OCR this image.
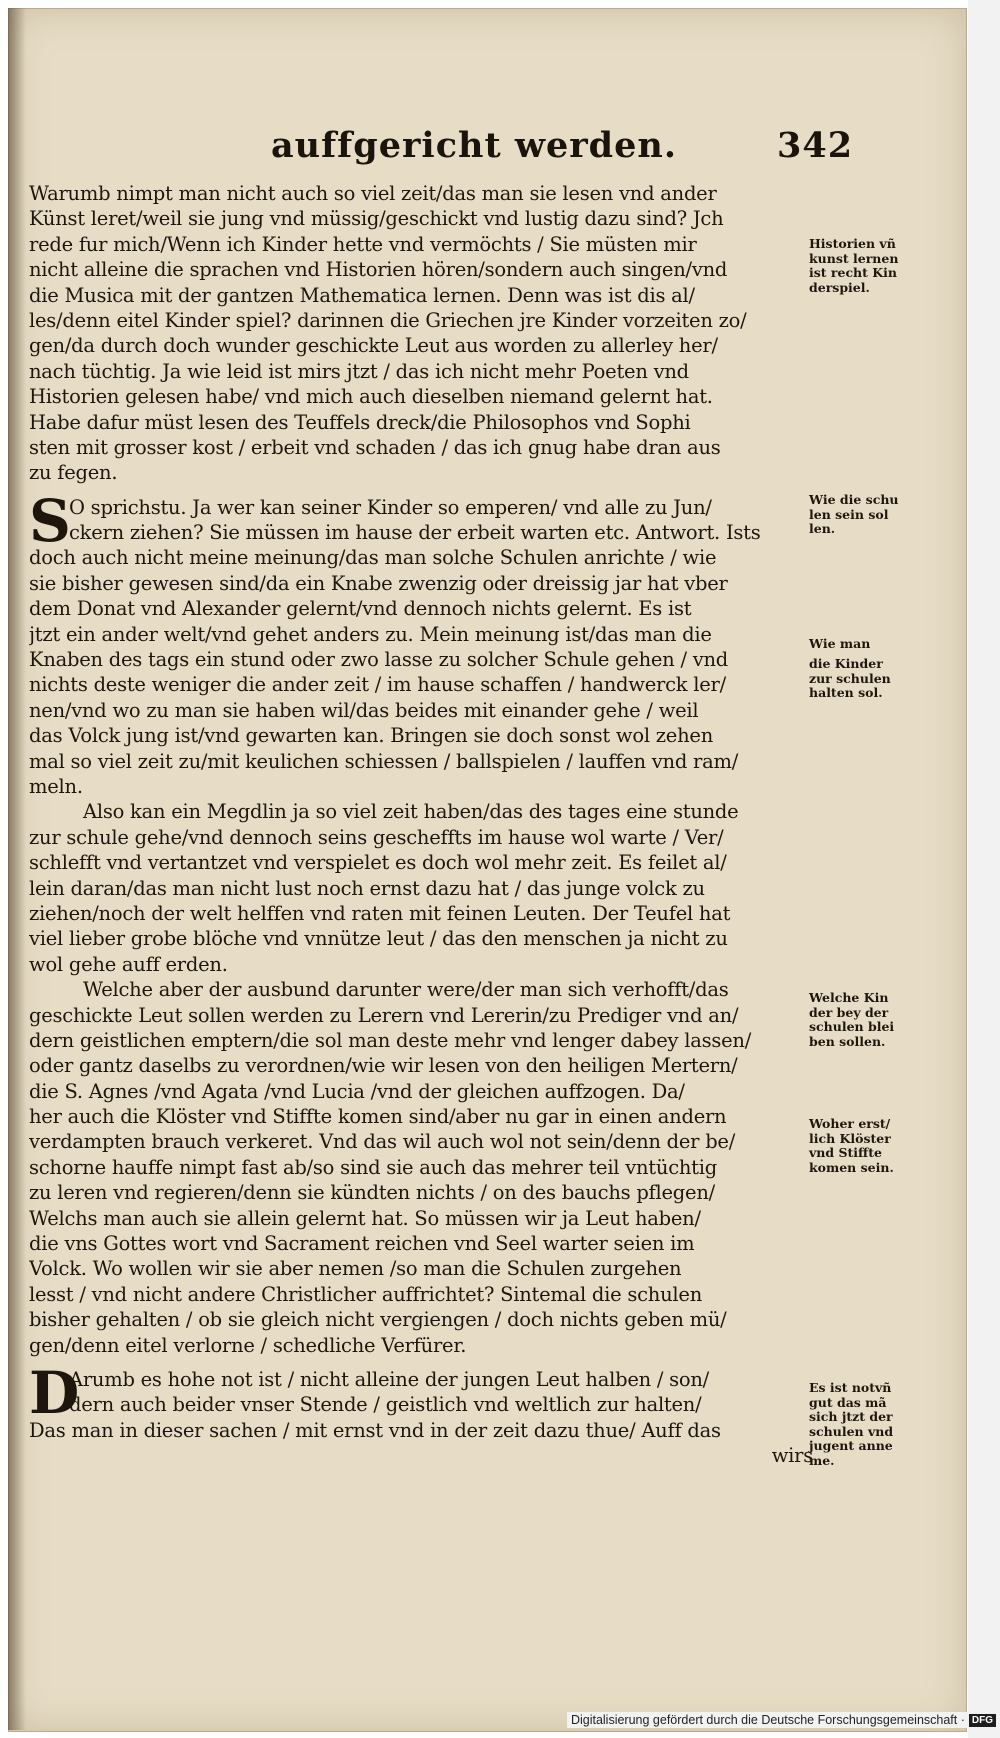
auffgericht werden.	342
Warumb nimpt man nicht auch so viel zeit/das man sie lesen vnd ander
Künst leret/weil sie jung vnd müssig/geschickt vnd lustig dazu sind? Jch
rede fur mich/Wenn ich Kinder hette vnd vermöchts / Sie müsten mir
nicht alleine die sprachen vnd Historien hören/sondern auch singen/vnd
die Musica mit der gantzen Mathematica lernen. Denn was ist dis al/
les/denn eitel Kinder spiel? darinnen die Griechen jre Kinder vorzeiten zo/
gen/da durch doch wunder geschickte Leut aus worden zu allerley her/
nach tüchtig. Ja wie leid ist mirs jtzt / das ich nicht mehr Poeten vnd
Historien gelesen habe/ vnd mich auch dieselben niemand gelernt hat.
Habe dafur müst lesen des Teuffels dreck/die Philosophos vnd Sophi
sten mit grosser kost / erbeit vnd schaden / das ich gnug habe dran aus
zu fegen.
S
O sprichstu. Ja wer kan seiner Kinder so emperen/ vnd alle zu Jun/
ckern ziehen? Sie müssen im hause der erbeit warten etc. Antwort. Ists
doch auch nicht meine meinung/das man solche Schulen anrichte / wie
sie bisher gewesen sind/da ein Knabe zwenzig oder dreissig jar hat vber
dem Donat vnd Alexander gelernt/vnd dennoch nichts gelernt. Es ist
jtzt ein ander welt/vnd gehet anders zu. Mein meinung ist/das man die
Knaben des tags ein stund oder zwo lasse zu solcher Schule gehen / vnd
nichts deste weniger die ander zeit / im hause schaffen / handwerck ler/
nen/vnd wo zu man sie haben wil/das beides mit einander gehe / weil
das Volck jung ist/vnd gewarten kan. Bringen sie doch sonst wol zehen
mal so viel zeit zu/mit keulichen schiessen / ballspielen / lauffen vnd ram/
meln.
Also kan ein Megdlin ja so viel zeit haben/das des tages eine stunde
zur schule gehe/vnd dennoch seins gescheffts im hause wol warte / Ver/
schlefft vnd vertantzet vnd verspielet es doch wol mehr zeit. Es feilet al/
lein daran/das man nicht lust noch ernst dazu hat / das junge volck zu
ziehen/noch der welt helffen vnd raten mit feinen Leuten. Der Teufel hat
viel lieber grobe blöche vnd vnnütze leut / das den menschen ja nicht zu
wol gehe auff erden.
Welche aber der ausbund darunter were/der man sich verhofft/das
geschickte Leut sollen werden zu Lerern vnd Lererin/zu Prediger vnd an/
dern geistlichen emptern/die sol man deste mehr vnd lenger dabey lassen/
oder gantz daselbs zu verordnen/wie wir lesen von den heiligen Mertern/
die S. Agnes /vnd Agata /vnd Lucia /vnd der gleichen auffzogen. Da/
her auch die Klöster vnd Stiffte komen sind/aber nu gar in einen andern
verdampten brauch verkeret. Vnd das wil auch wol not sein/denn der be/
schorne hauffe nimpt fast ab/so sind sie auch das mehrer teil vntüchtig
zu leren vnd regieren/denn sie kündten nichts / on des bauchs pflegen/
Welchs man auch sie allein gelernt hat. So müssen wir ja Leut haben/
die vns Gottes wort vnd Sacrament reichen vnd Seel warter seien im
Volck. Wo wollen wir sie aber nemen /so man die Schulen zurgehen
lesst / vnd nicht andere Christlicher auffrichtet? Sintemal die schulen
bisher gehalten / ob sie gleich nicht vergiengen / doch nichts geben mü/
gen/denn eitel verlorne / schedliche Verfürer.
D
Arumb es hohe not ist / nicht alleine der jungen Leut halben / son/
dern auch beider vnser Stende / geistlich vnd weltlich zur halten/
Das man in dieser sachen / mit ernst vnd in der zeit dazu thue/ Auff das
wirs
Historien vñ
kunst lernen
ist recht Kin
derspiel.
Wie die schu
len sein sol
len.
Wie man
die Kinder
zur schulen
halten sol.
Welche Kin
der bey der
schulen blei
ben sollen.
Woher erst/
lich Klöster
vnd Stiffte
komen sein.
Es ist notvñ
gut das mã
sich jtzt der
schulen vnd
jugent anne
me.
Digitalisierung gefördert durch die Deutsche Forschungsgemeinschaft · DFG
